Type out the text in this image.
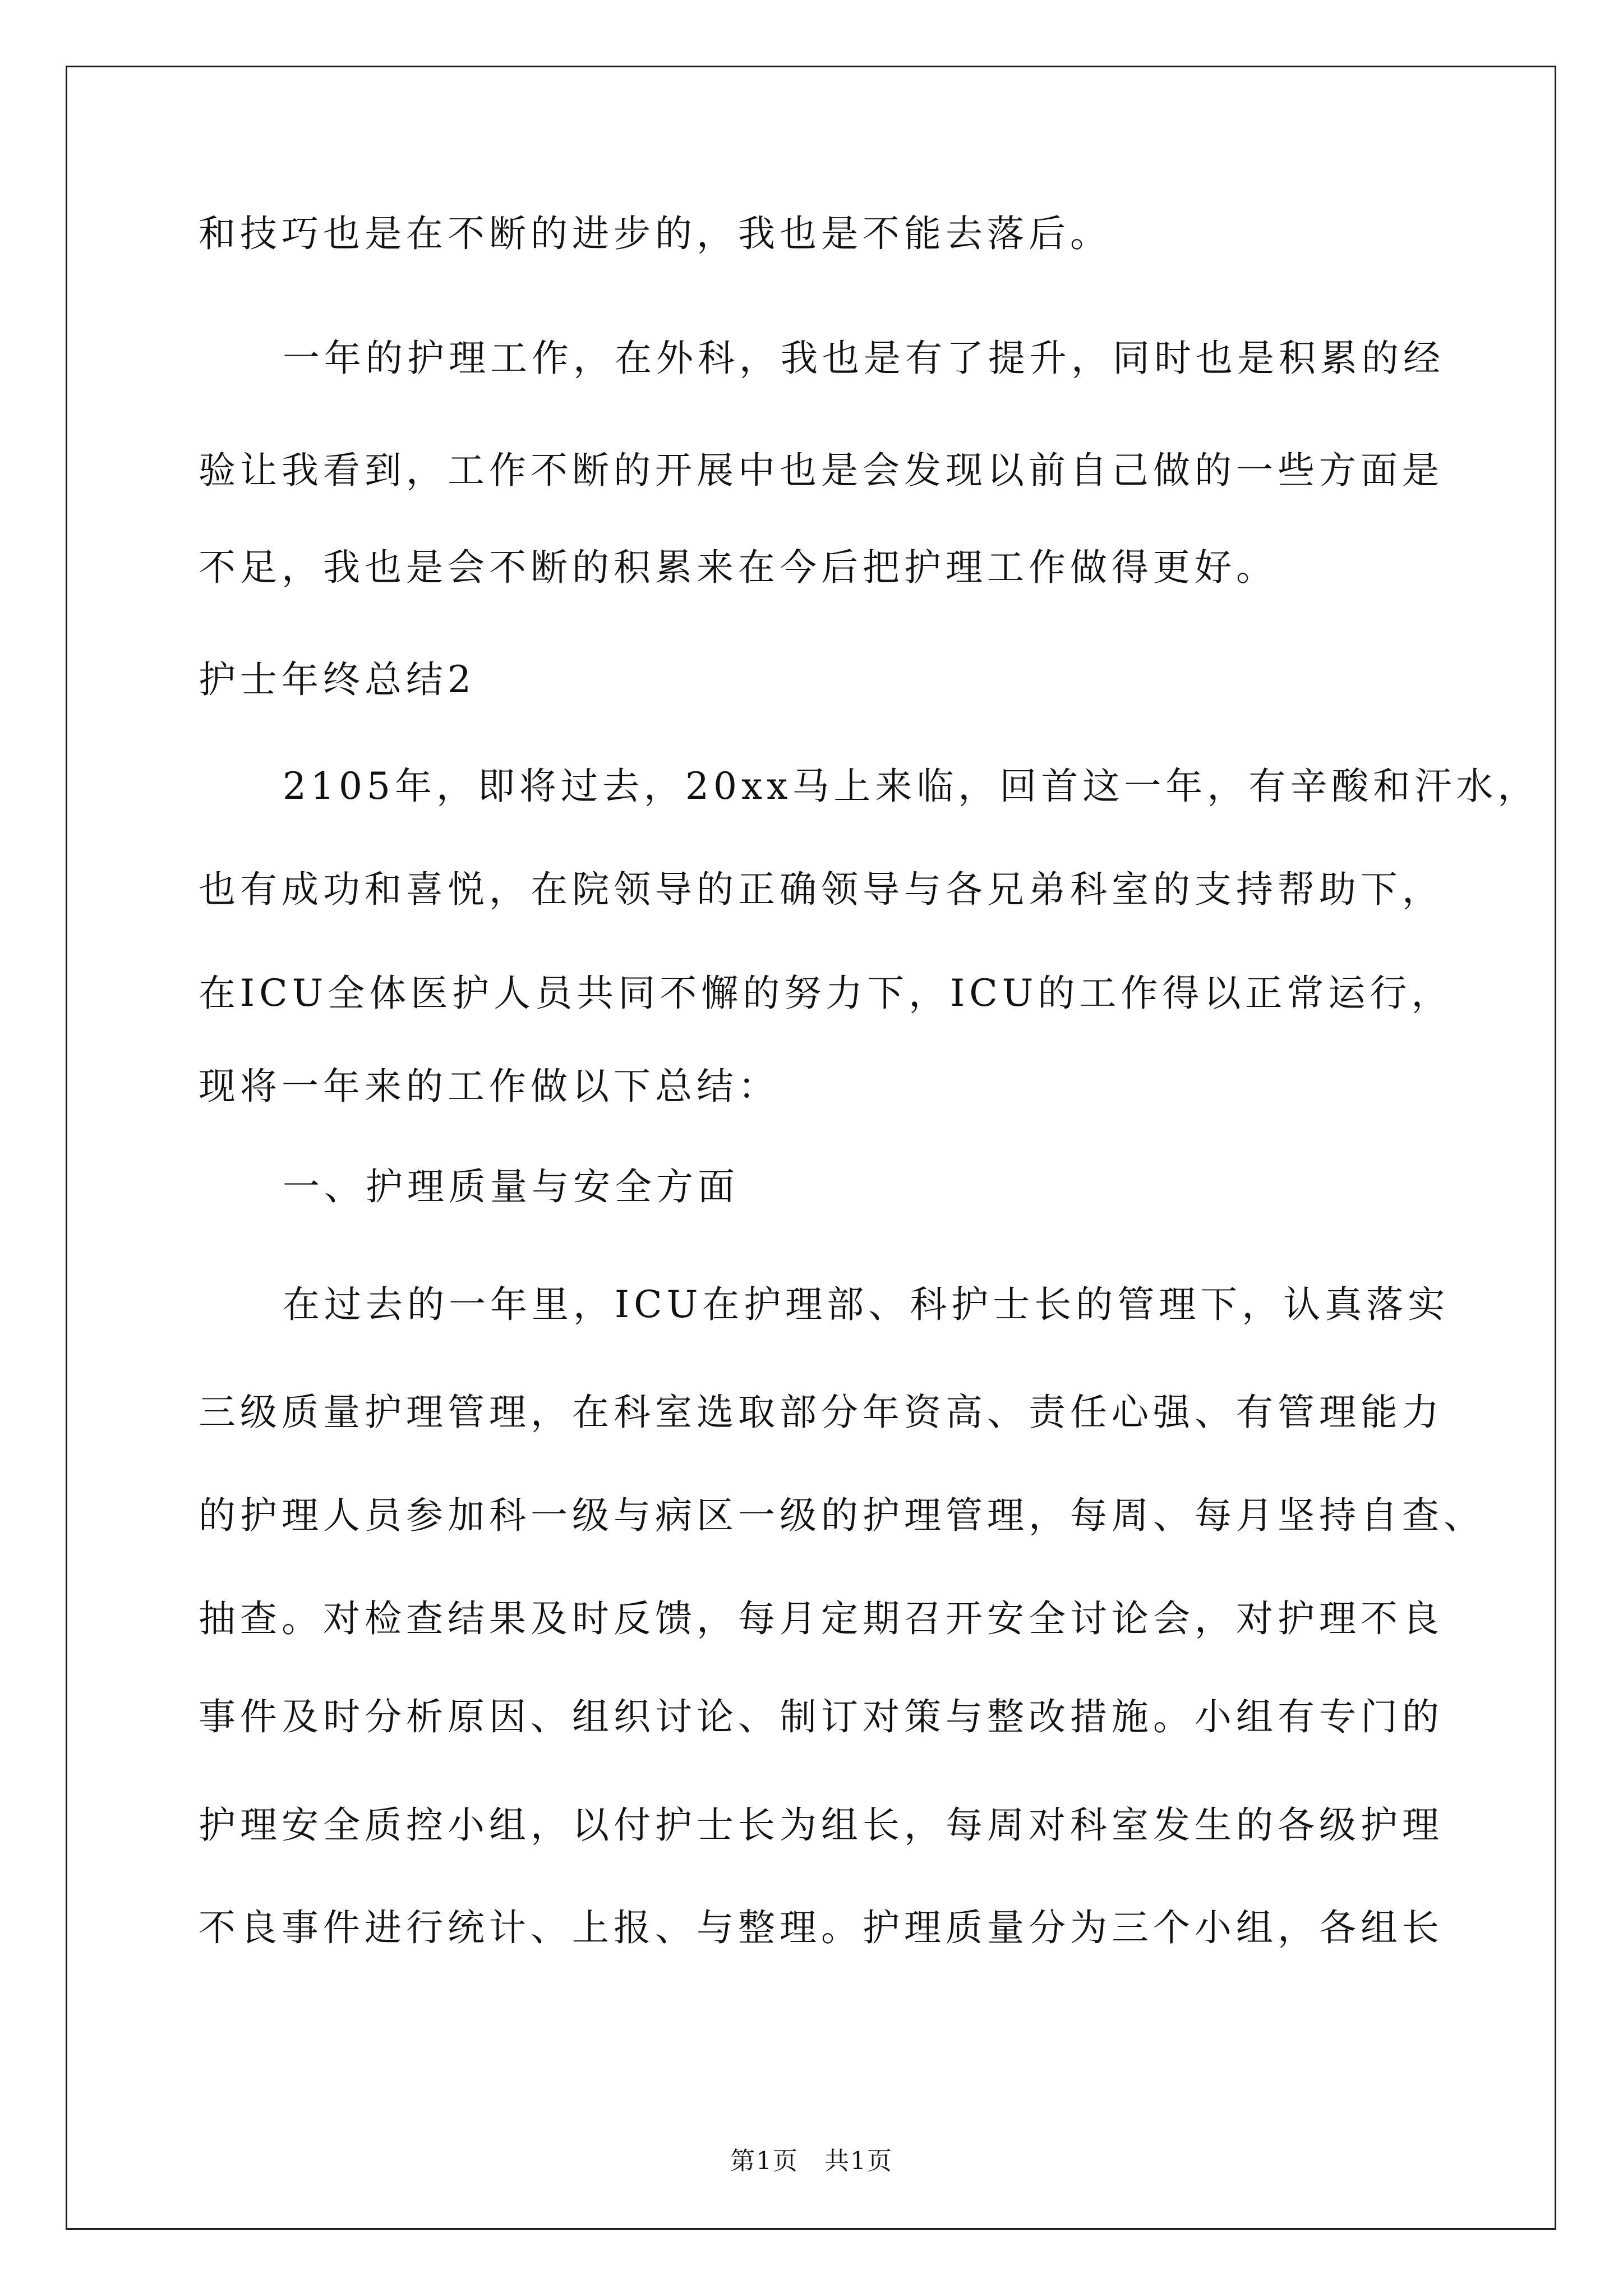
和技巧也是在不断的进步的，我也是不能去落后。
一年的护理工作，在外科，我也是有了提升，同时也是积累的经
验让我看到，工作不断的开展中也是会发现以前自己做的一些方面是
不足，我也是会不断的积累来在今后把护理工作做得更好。
护士年终总结2
2105年，即将过去，20xx马上来临，回首这一年，有辛酸和汗水，
也有成功和喜悦，在院领导的正确领导与各兄弟科室的支持帮助下，
在ICU全体医护人员共同不懈的努力下，ICU的工作得以正常运行，
现将一年来的工作做以下总结：
一、护理质量与安全方面
在过去的一年里，ICU在护理部、科护士长的管理下，认真落实
三级质量护理管理，在科室选取部分年资高、责任心强、有管理能力
的护理人员参加科一级与病区一级的护理管理，每周、每月坚持自查、
抽查。对检查结果及时反馈，每月定期召开安全讨论会，对护理不良
事件及时分析原因、组织讨论、制订对策与整改措施。小组有专门的
护理安全质控小组，以付护士长为组长，每周对科室发生的各级护理
不良事件进行统计、上报、与整理。护理质量分为三个小组，各组长
第1页　共1页
